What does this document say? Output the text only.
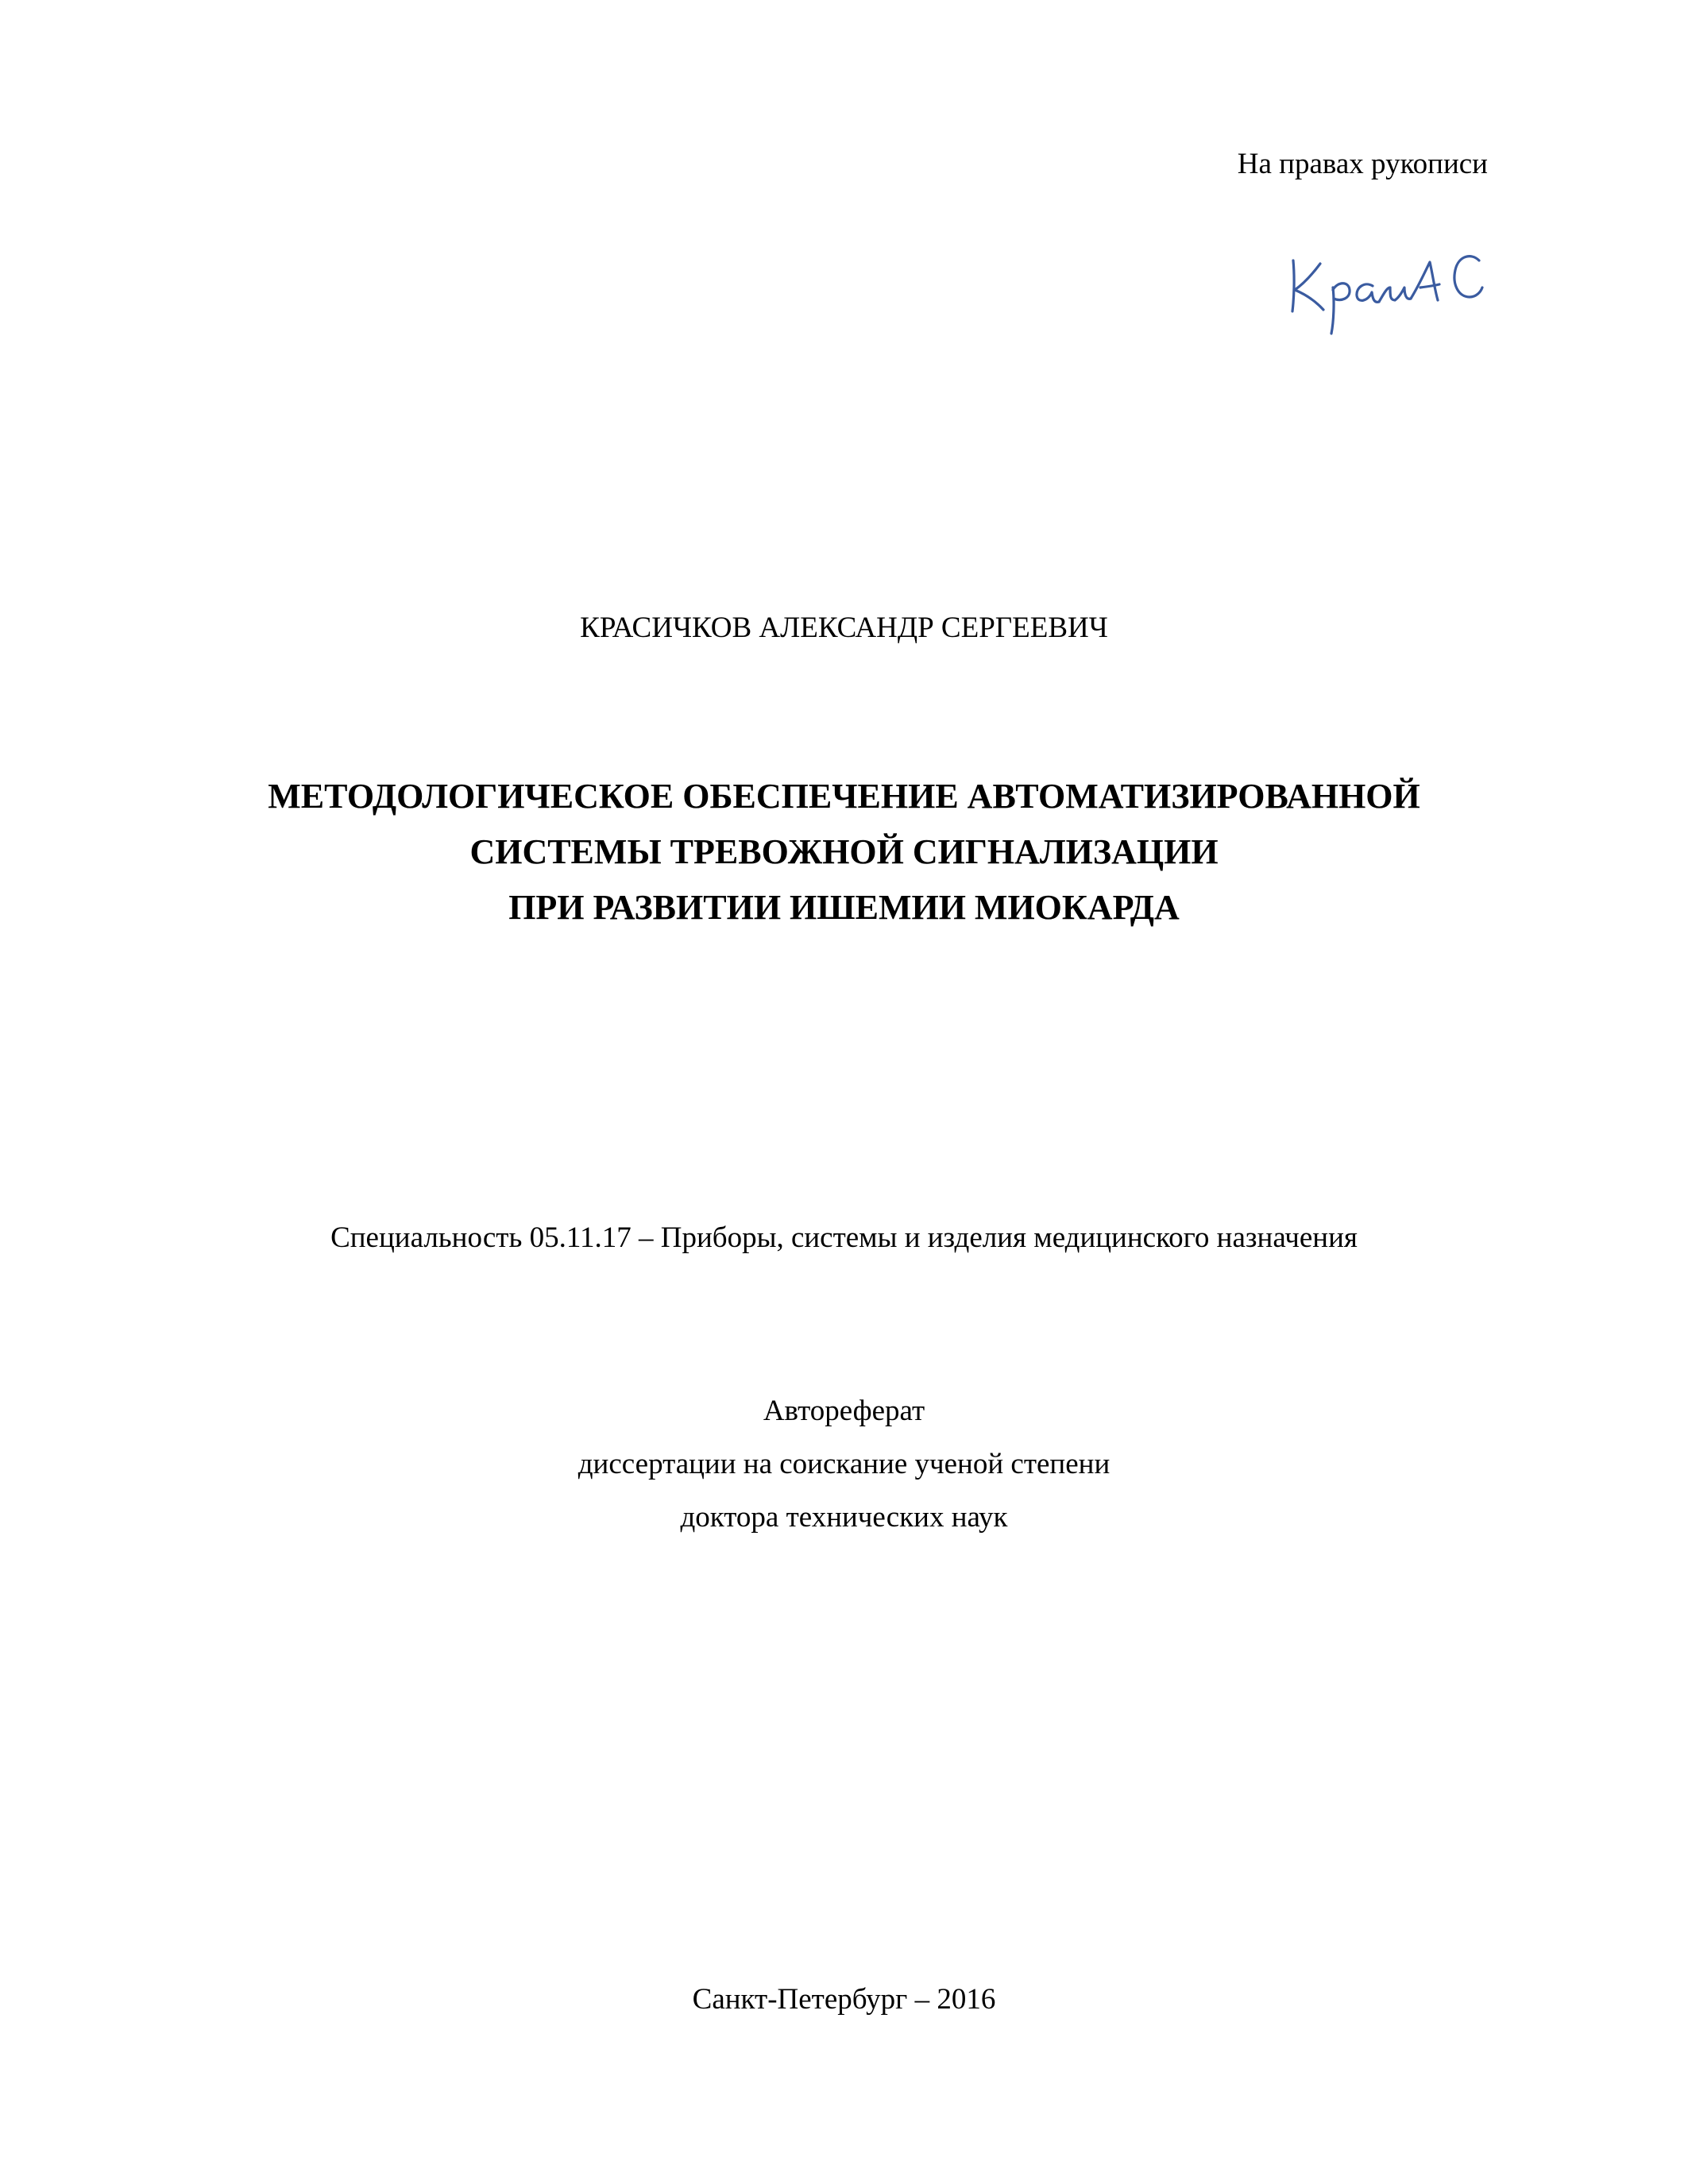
На правах рукописи
КРАСИЧКОВ АЛЕКСАНДР СЕРГЕЕВИЧ
МЕТОДОЛОГИЧЕСКОЕ ОБЕСПЕЧЕНИЕ АВТОМАТИЗИРОВАННОЙ
СИСТЕМЫ ТРЕВОЖНОЙ СИГНАЛИЗАЦИИ
ПРИ РАЗВИТИИ ИШЕМИИ МИОКАРДА
Специальность 05.11.17 – Приборы, системы и изделия медицинского назначения
Автореферат
диссертации на соискание ученой степени
доктора технических наук
Санкт-Петербург – 2016
